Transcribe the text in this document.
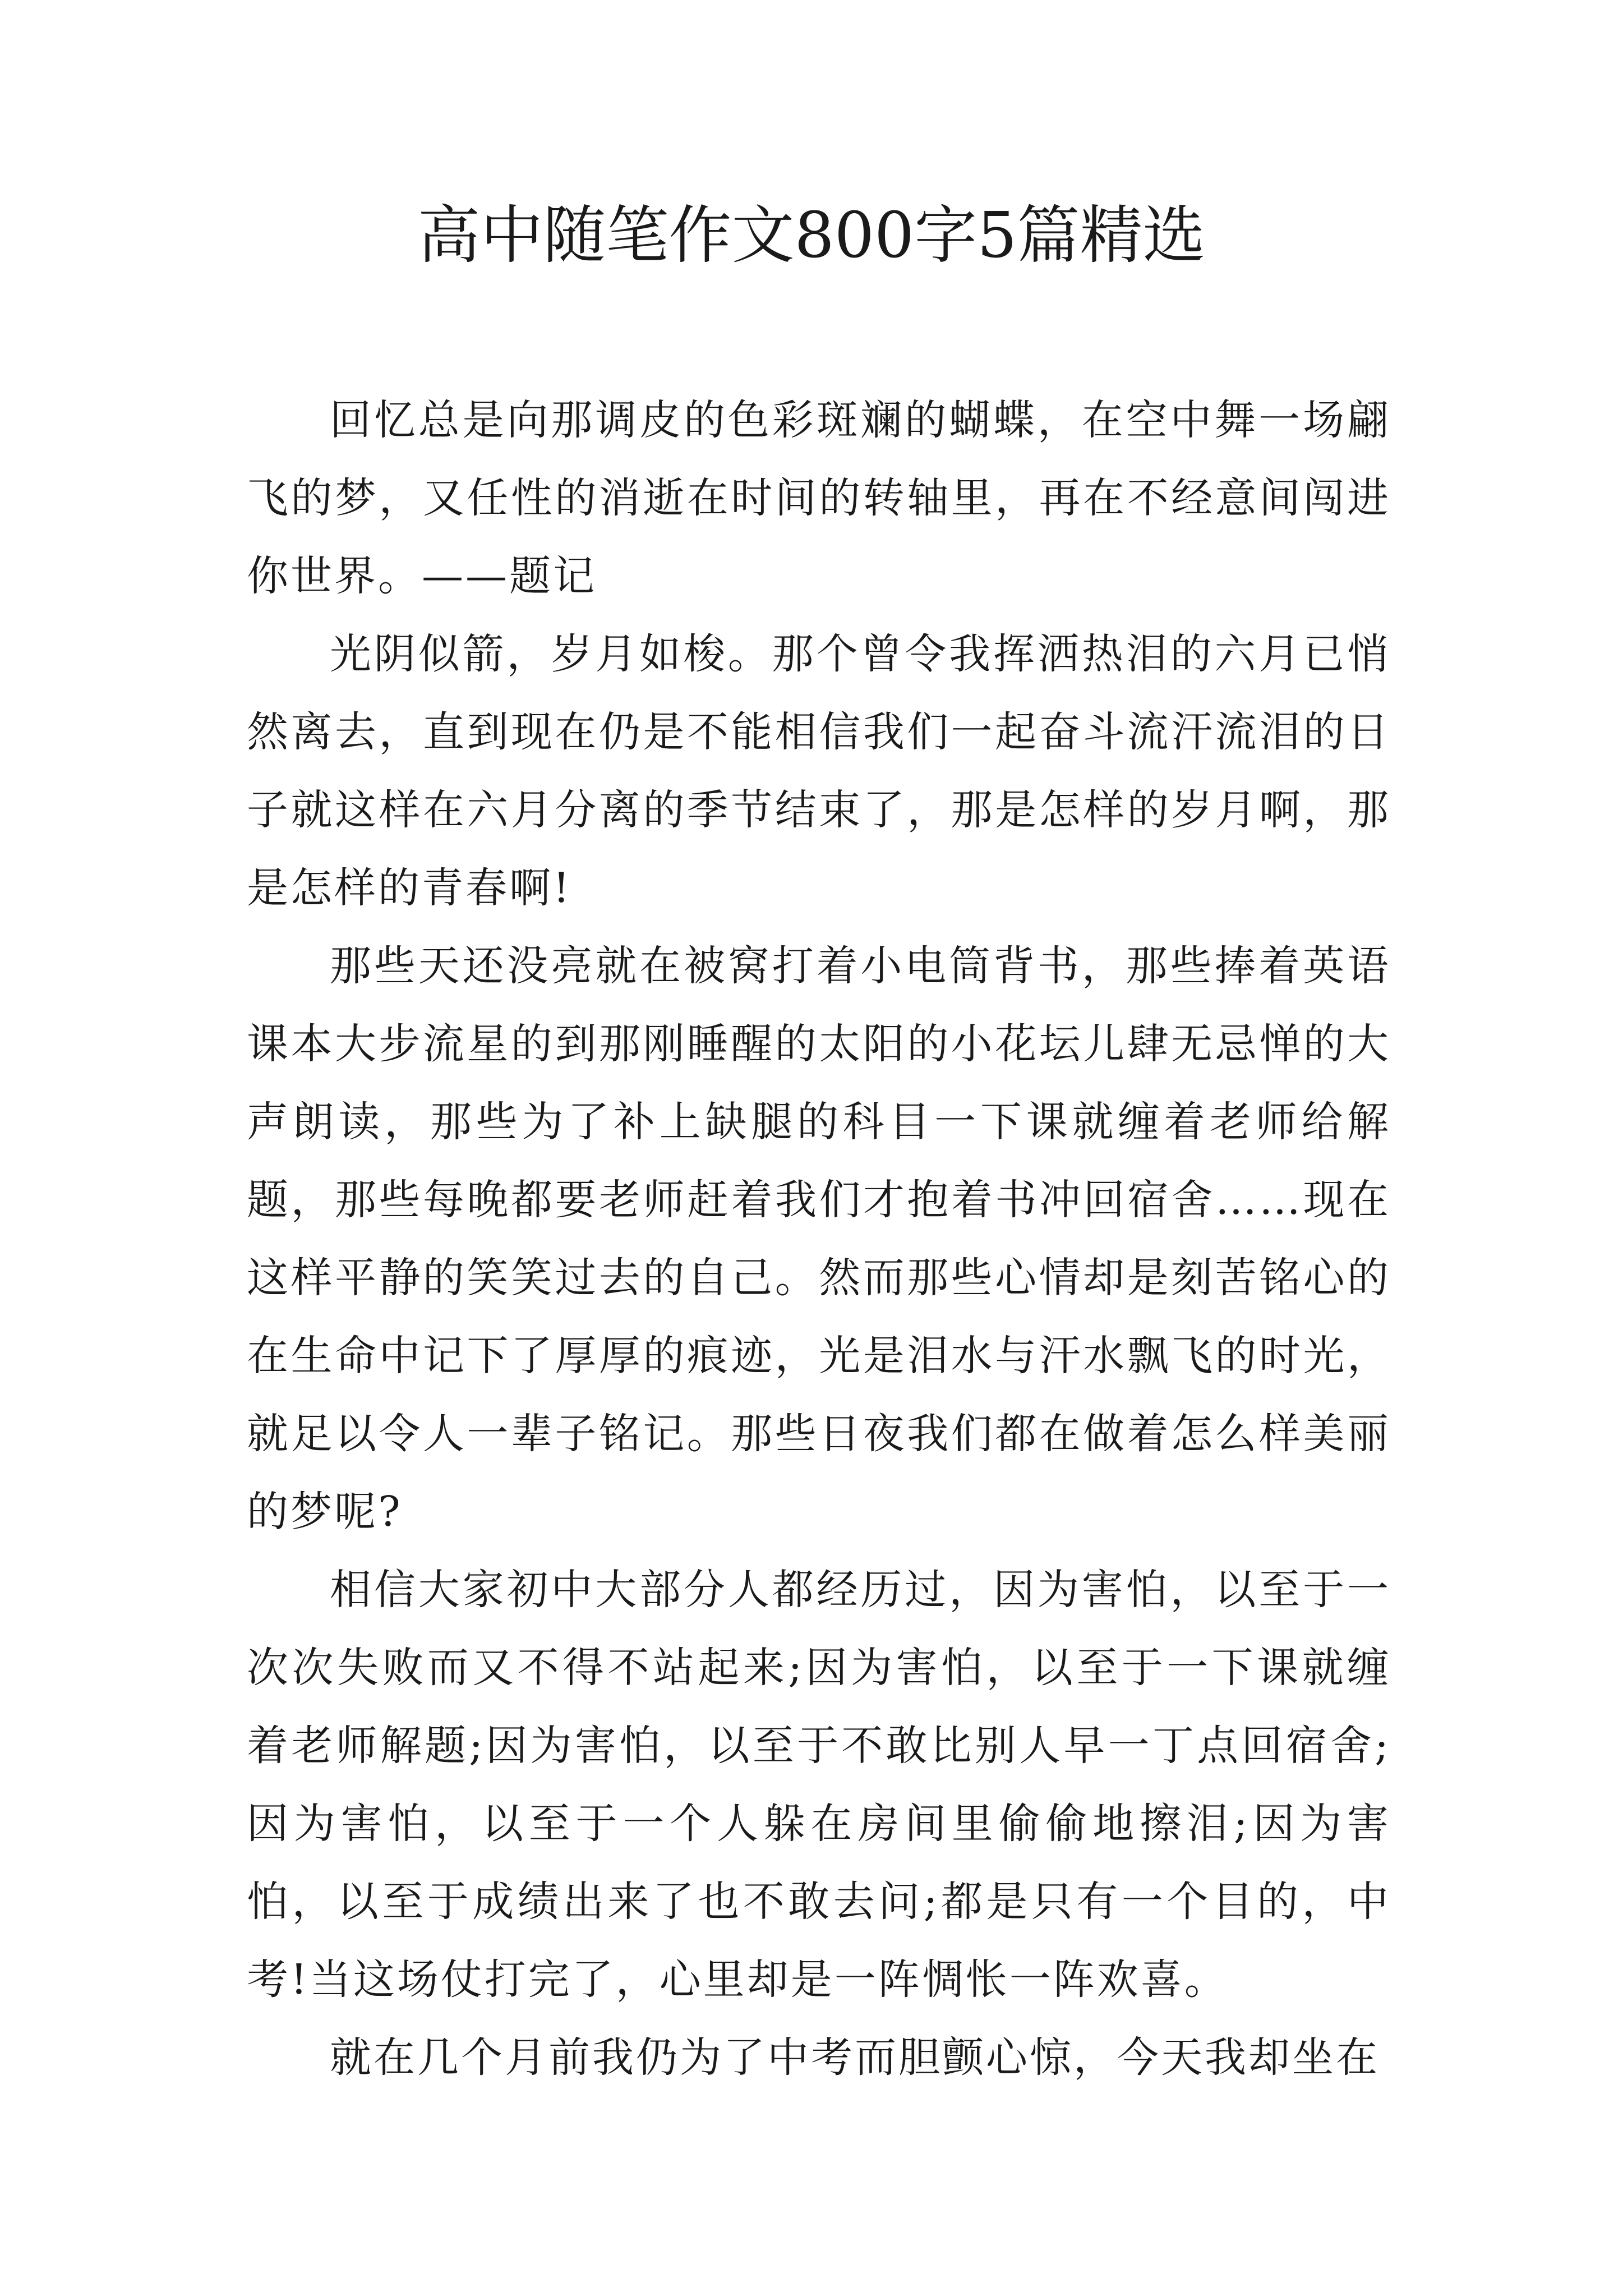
高中随笔作文800字5篇精选

回忆总是向那调皮的色彩斑斓的蝴蝶，在空中舞一场翩飞的梦，又任性的消逝在时间的转轴里，再在不经意间闯进你世界。——题记

光阴似箭，岁月如梭。那个曾令我挥洒热泪的六月已悄然离去，直到现在仍是不能相信我们一起奋斗流汗流泪的日子就这样在六月分离的季节结束了，那是怎样的岁月啊，那是怎样的青春啊!

那些天还没亮就在被窝打着小电筒背书，那些捧着英语课本大步流星的到那刚睡醒的太阳的小花坛儿肆无忌惮的大声朗读，那些为了补上缺腿的科目一下课就缠着老师给解题，那些每晚都要老师赶着我们才抱着书冲回宿舍……现在这样平静的笑笑过去的自己。然而那些心情却是刻苦铭心的在生命中记下了厚厚的痕迹，光是泪水与汗水飘飞的时光，就足以令人一辈子铭记。那些日夜我们都在做着怎么样美丽的梦呢?

相信大家初中大部分人都经历过，因为害怕，以至于一次次失败而又不得不站起来;因为害怕，以至于一下课就缠着老师解题;因为害怕，以至于不敢比别人早一丁点回宿舍;因为害怕，以至于一个人躲在房间里偷偷地擦泪;因为害怕，以至于成绩出来了也不敢去问;都是只有一个目的，中考!当这场仗打完了，心里却是一阵惆怅一阵欢喜。

就在几个月前我仍为了中考而胆颤心惊，今天我却坐在
